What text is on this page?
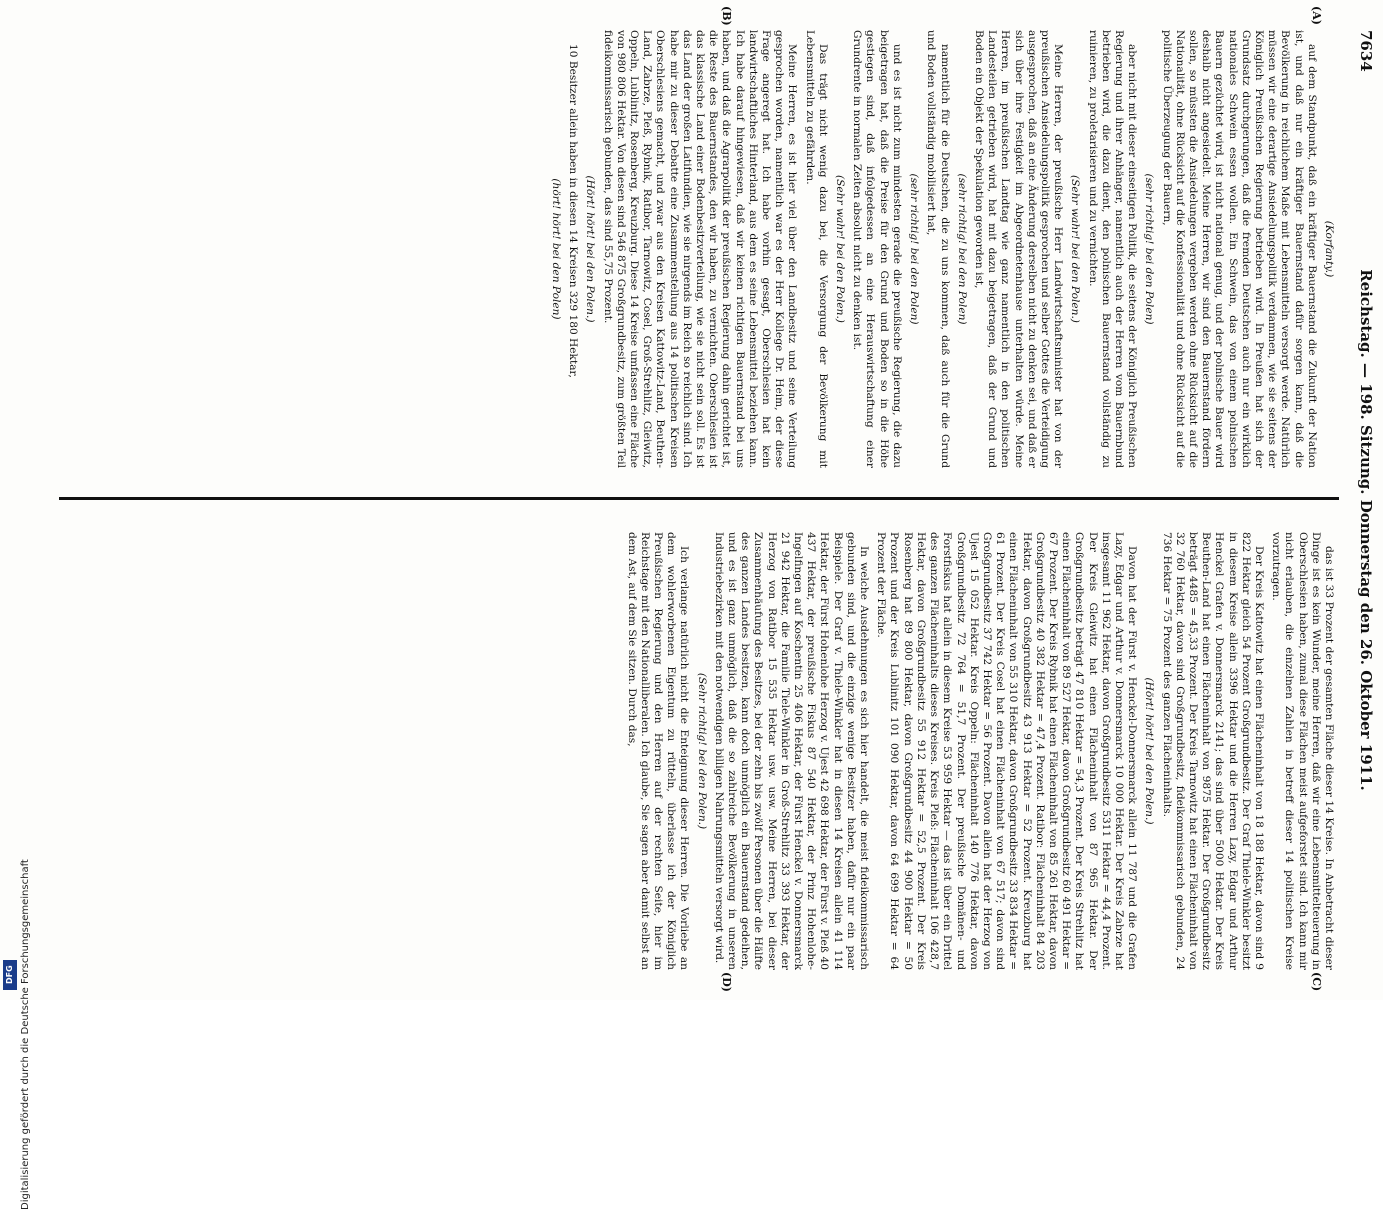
Digitalisierung gefördert durch die Deutsche Forschungsgemeinschaft
DFG
7634
Reichstag. — 198. Sitzung. Donnerstag den 26. Oktober 1911.
(A)
(B)
(C)
(D)

(Korfanty.)

auf dem Standpunkt, daß ein kräftiger Bauernstand die Zukunft der Nation ist, und daß nur ein kräftiger Bauernstand dafür sorgen kann, daß die Bevölkerung in reichlichem Maße mit Lebensmitteln versorgt werde. Natürlich müssen wir eine derartige Ansiedelungspolitik verdammen, wie sie seitens der Königlich Preußischen Regierung betrieben wird. In Preußen hat sich der Grundsatz durchgerungen, daß die fremden Deutschen auch nur ein wirklich nationales Schwein essen wollen. Ein Schwein, das von einem polnischen Bauern gezüchtet wird, ist nicht national genug, und der polnische Bauer wird deshalb nicht angesiedelt. Meine Herren, wir sind den Bauernstand fördern sollen, so müssten die Ansiedelungen vergeben werden ohne Rücksicht auf die Nationalität, ohne Rücksicht auf die Konfessionalität und ohne Rücksicht auf die politische Überzeugung der Bauern,

(sehr richtig! bei den Polen)

aber nicht mit dieser einseitigen Politik, die seitens der Königlich Preußischen Regierung und ihrer Anhänger, namentlich auch der Herren vom Bauernbund betrieben wird, die dazu dient, den polnischen Bauernstand vollständig zu ruinieren, zu proletarisieren und zu vernichten.

(Sehr wahr! bei den Polen.)

Meine Herren, der preußische Herr Landwirtschaftsminister hat von der preußischen Ansiedelungspolitik gesprochen und selber Gottes die Verteidigung ausgesprochen, daß an eine Änderung derselben nicht zu denken sei, und daß er sich über ihre Festigkeit im Abgeordnetenhause unterhalten würde. Meine Herren, im preußischen Landtag wie ganz namentlich in den politischen Landesteilen getrieben wird, hat mit dazu beigetragen, daß der Grund und Boden ein Objekt der Spekulation geworden ist,

(sehr richtig! bei den Polen)

namentlich für die Deutschen, die zu uns kommen, daß auch für die Grund und Boden vollständig mobilisiert hat,

(sehr richtig! bei den Polen)

und es ist nicht zum mindesten gerade die preußische Regierung, die dazu beigetragen hat, daß die Preise für den Grund und Boden so in die Höhe gestiegen sind, daß infolgedessen an eine Herauswirtschaftung einer Grundrente in normalen Zeiten absolut nicht zu denken ist.

(Sehr wahr! bei den Polen.)

Das trägt nicht wenig dazu bei, die Versorgung der Bevölkerung mit Lebensmitteln zu gefährden.

Meine Herren, es ist hier viel über den Landbesitz und seine Verteilung gesprochen worden, namentlich war es der Herr Kollege Dr. Heim, der diese Frage angeregt hat. Ich habe vorhin gesagt, Oberschlesien hat kein landwirtschaftliches Hinterland, aus dem es seine Lebensmittel beziehen kann. Ich habe darauf hingewiesen, daß wir keinen richtigen Bauernstand bei uns haben, und daß die Agrarpolitik der preußischen Regierung dahin gerichtet ist, die Reste des Bauernstandes, den wir haben, zu vernichten. Oberschlesien ist das klassische Land einer Bodenbesitzverteilung, wie sie nicht sein soll. Es ist das Land der großen Latifundien, wie sie nirgends im Reich so reichlich sind. Ich habe mir zu dieser Debatte eine Zusammenstellung aus 14 politischen Kreisen Oberschlesiens gemacht, und zwar aus den Kreisen Kattowitz-Land, Beuthen-Land, Zabrze, Pleß, Rybnik, Ratibor, Tarnowitz, Cosel, Groß-Strehlitz, Gleiwitz, Oppeln, Lublinitz, Rosenberg, Kreuzburg. Diese 14 Kreise umfassen eine Fläche von 980 806 Hektar. Von diesen sind 546 875 Großgrundbesitz, zum größten Teil fideikommissarisch gebunden, das sind 55,75 Prozent.

(Hört! hört! bei den Polen.)

10 Besitzer allein haben in diesen 14 Kreisen 329 180 Hektar,

(hört! hört! bei den Polen)

das ist 33 Prozent der gesamten Fläche dieser 14 Kreise. In Anbetracht dieser Dinge ist es kein Wunder, meine Herren, daß wir eine Lebensmittelteuerung in Oberschlesien haben, zumal diese Flächen meist aufgeforstet sind. Ich kann mir nicht erlauben, die einzelnen Zahlen in betreff dieser 14 politischen Kreise vorzutragen.

Der Kreis Kattowitz hat einen Flächeninhalt von 18 188 Hektar, davon sind 9 822 Hektar gleich 54 Prozent Großgrundbesitz. Der Graf Thiele-Winkler besitzt in diesem Kreise allein 3396 Hektar und die Herren Lazy, Edgar und Arthur Henckel Grafen v. Donnersmarck 2141; das sind über 5000 Hektar. Der Kreis Beuthen-Land hat einen Flächeninhalt von 9875 Hektar. Der Großgrundbesitz beträgt 4485 = 45,33 Prozent. Der Kreis Tarnowitz hat einen Flächeninhalt von 32 760 Hektar, davon sind Großgrundbesitz, fideikommissarisch gebunden, 24 736 Hektar = 75 Prozent des ganzen Flächeninhalts.

(Hört! hört! bei den Polen.)

Davon hat der Fürst v. Henckel-Donnersmarck allein 11 787 und die Grafen Lazy, Edgar und Arthur v. Donnersmarck 10 000 Hektar. Der Kreis Zabrze hat insgesamt 11 962 Hektar, davon Großgrundbesitz 5311 Hektar = 44,4 Prozent. Der Kreis Gleiwitz hat einen Flächeninhalt von 87 965 Hektar. Der Großgrundbesitz beträgt 47 810 Hektar = 54,3 Prozent. Der Kreis Strehlitz hat einen Flächeninhalt von 89 527 Hektar, davon Großgrundbesitz 60 491 Hektar = 67 Prozent. Der Kreis Rybnik hat einen Flächeninhalt von 85 261 Hektar, davon Großgrundbesitz 40 382 Hektar = 47,4 Prozent. Ratibor: Flächeninhalt 84 203 Hektar, davon Großgrundbesitz 43 913 Hektar = 52 Prozent. Kreuzburg hat einen Flächeninhalt von 55 310 Hektar, davon Großgrundbesitz 33 834 Hektar = 61 Prozent. Der Kreis Cosel hat einen Flächeninhalt von 67 517; davon sind Großgrundbesitz 37 742 Hektar = 56 Prozent. Davon allein hat der Herzog von Ujest 15 052 Hektar. Kreis Oppeln: Flächeninhalt 140 776 Hektar, davon Großgrundbesitz 72 764 = 51,7 Prozent. Der preußische Domänen- und Forstfiskus hat allein in diesem Kreise 53 959 Hektar — das ist über ein Drittel des ganzen Flächeninhalts dieses Kreises. Kreis Pleß: Flächeninhalt 106 428,7 Hektar, davon Großgrundbesitz 55 912 Hektar = 52,5 Prozent. Der Kreis Rosenberg hat 89 800 Hektar, davon Großgrundbesitz 44 900 Hektar = 50 Prozent und der Kreis Lublinitz 101 090 Hektar, davon 64 699 Hektar = 64 Prozent der Fläche.

In welche Ausdehnungen es sich hier handelt, die meist fideikommissarisch gebunden sind, und die einzige wenige Besitzer haben, dafür nur ein paar Beispiele. Der Graf v. Thiele-Winkler hat in diesen 14 Kreisen allein 41 114 Hektar, der Fürst Hohenlohe Herzog v. Ujest 42 698 Hektar, der Fürst v. Pleß 40 437 Hektar, der preußische Fiskus 87 540 Hektar, der Prinz Hohenlohe-Ingelfingen auf Koschentin 25 406 Hektar, der Fürst Henckel v. Donnersmarck 21 942 Hektar, die Familie Tiele-Winkler in Groß-Strehlitz 33 393 Hektar, der Herzog von Ratibor 15 535 Hektar usw. usw. Meine Herren, bei dieser Zusammenhäufung des Besitzes, bei der zehn bis zwölf Personen über die Hälfte des ganzen Landes besitzen, kann doch unmöglich ein Bauernstand gedeihen, und es ist ganz unmöglich, daß die so zahlreiche Bevölkerung in unseren Industriebezirken mit den notwendigen billigen Nahrungsmitteln versorgt wird.

(Sehr richtig! bei den Polen.)

Ich verlange natürlich nicht die Enteignung dieser Herren. Die Vorliebe an dem wohlerworbenen Eigentum zu rütteln, überlasse ich der Königlich Preußischen Regierung und den Herren auf der rechten Seite, hier im Reichstage mit den Nationalliberalen. Ich glaube, Sie sagen aber damit selbst an dem Ast, auf dem Sie sitzen. Durch das,
